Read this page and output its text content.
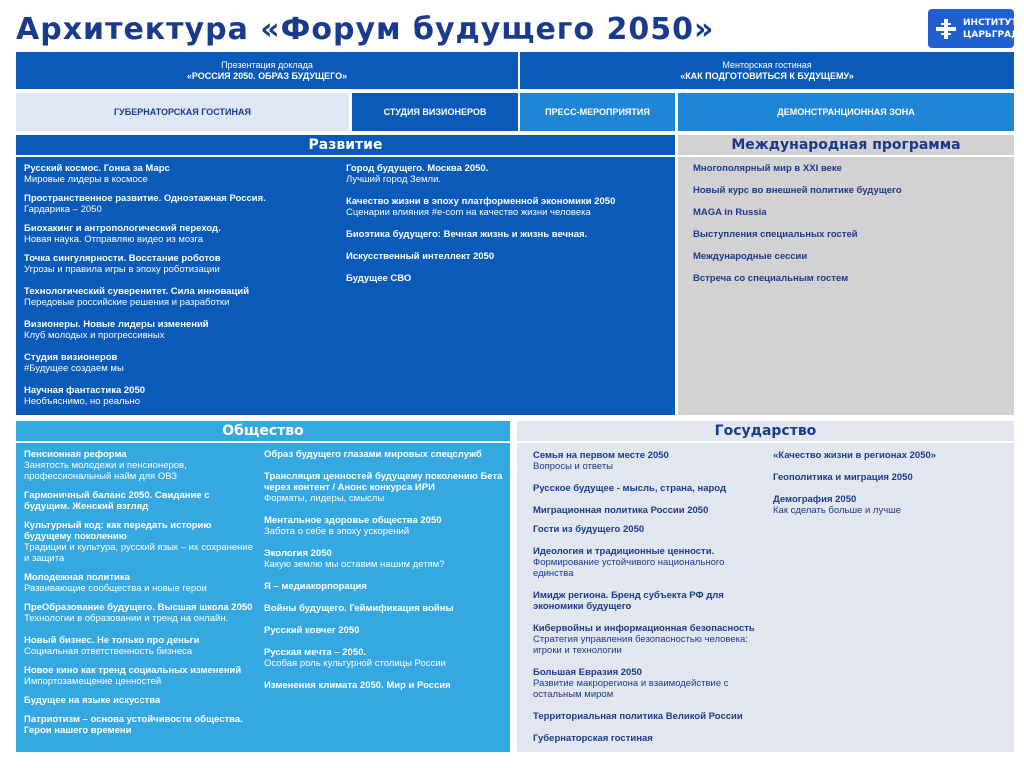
Архитектура «Форум будущего 2050»	ИНСТИТУТ
ЦАРЬГРАД
Презентация доклада
«РОССИЯ 2050. ОБРАЗ БУДУЩЕГО»
Менторская гостиная
«КАК ПОДГОТОВИТЬСЯ К БУДУЩЕМУ»
ГУБЕРНАТОРСКАЯ ГОСТИНАЯ	СТУДИЯ ВИЗИОНЕРОВ	ПРЕСС-МЕРОПРИЯТИЯ	ДЕМОНСТРАНЦИОННАЯ ЗОНА
Развитие
Русский космос. Гонка за Марс
Мировые лидеры в космосе
Пространственное развитие. Одноэтажная Россия.
Гардарика – 2050
Биохакинг и антропологический переход.
Новая наука. Отправляю видео из мозга
Точка сингулярности. Восстание роботов
Угрозы и правила игры в эпоху роботизации
Технологический суверенитет. Сила инноваций
Передовые российские решения и разработки
Визионеры. Новые лидеры изменений
Клуб молодых и прогрессивных
Студия визионеров
#Будущее создаем мы
Научная фантастика 2050
Необъяснимо, но реально
Город будущего. Москва 2050.
Лучший город Земли.
Качество жизни в эпоху платформенной экономики 2050
Сценарии влияния #e-com на качество жизни человека
Биоэтика будущего: Вечная жизнь и жизнь вечная.
Искусственный интеллект 2050
Будущее СВО
Международная программа
Многополярный мир в XXI веке
Новый курс во внешней политике будущего
MAGA in Russia
Выступления специальных гостей
Международные сессии
Встреча со специальным гостем
Общество
Пенсионная реформа
Занятость молодежи и пенсионеров, профессиональный найм для ОВЗ
Гармоничный баланс 2050. Свидание с будущим. Женский взгляд
Культурный код: как передать историю будущему поколению
Традиции и культура, русский язык – их сохранение и защита
Молодежная политика
Развивающие сообщества и новые герои
ПреОбразование будущего. Высшая школа 2050
Технологии в образовании и тренд на онлайн.
Новый бизнес. Не только про деньги
Социальная ответственность бизнеса
Новое кино как тренд социальных изменений
Импортозамещение ценностей
Будущее на языке искусства
Патриотизм – основа устойчивости общества. Герои нашего времени
Образ будущего глазами мировых спецслужб
Трансляция ценностей будущему поколению Бета через контент / Анонс конкурса ИРИ
Форматы, лидеры, смыслы
Ментальное здоровье общества 2050
Забота о себе в эпоху ускорений
Экология 2050
Какую землю мы оставим нашим детям?
Я – медиакорпорация
Войны будущего. Геймификация войны
Русский ковчег 2050
Русская мечта – 2050.
Особая роль культурной столицы России
Изменения климата 2050. Мир и Россия
Государство
Семья на первом месте 2050
Вопросы и ответы
Русское будущее - мысль, страна, народ
Миграционная политика России 2050
Гости из будущего 2050
Идеология и традиционные ценности.
Формирование устойчивого национального единства
Имидж региона. Бренд субъекта РФ для экономики будущего
Кибервойны и информационная безопасность
Стратегия управления безопасностью человека: игроки и технологии
Большая Евразия 2050
Развитие макрорегиона и взаимодействие с остальным миром
Территориальная политика Великой России
Губернаторская гостиная
«Качество жизни в регионах 2050»
Геополитика и миграция 2050
Демография 2050
Как сделать больше и лучше
